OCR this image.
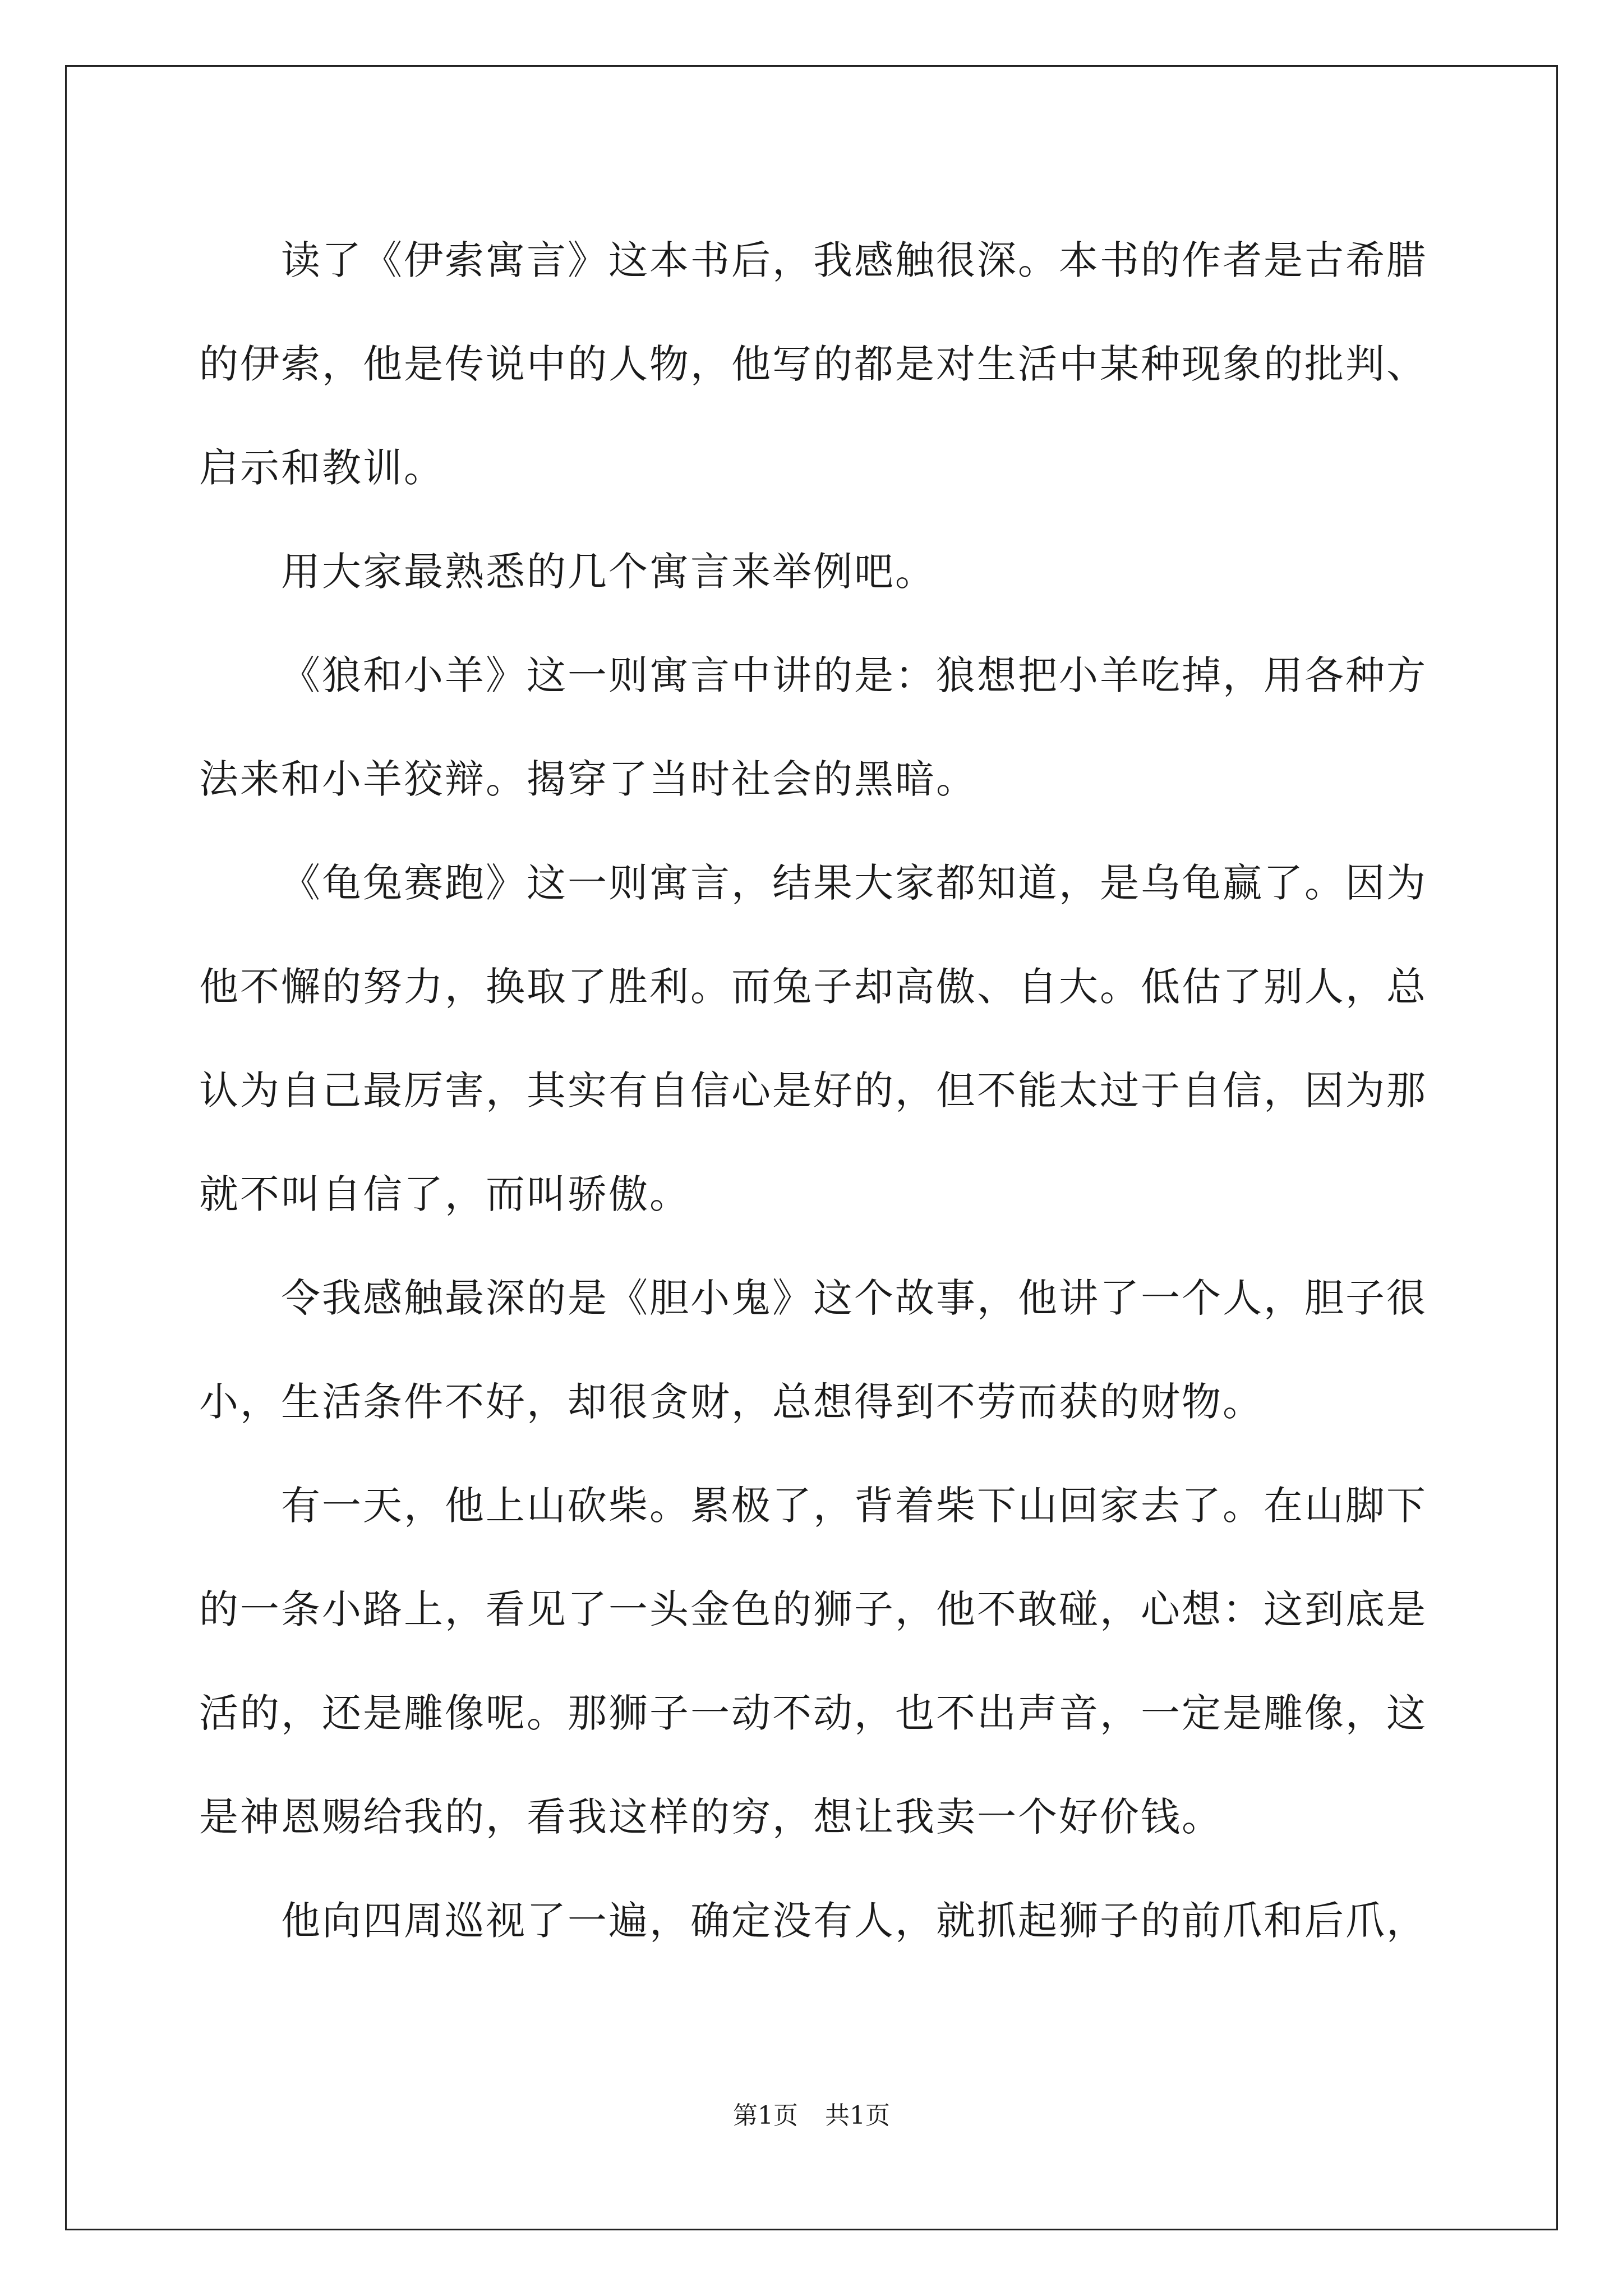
读了《伊索寓言》这本书后，我感触很深。本书的作者是古希腊的伊索，他是传说中的人物，他写的都是对生活中某种现象的批判、启示和教训。

用大家最熟悉的几个寓言来举例吧。

《狼和小羊》这一则寓言中讲的是：狼想把小羊吃掉，用各种方法来和小羊狡辩。揭穿了当时社会的黑暗。

《龟兔赛跑》这一则寓言，结果大家都知道，是乌龟赢了。因为他不懈的努力，换取了胜利。而兔子却高傲、自大。低估了别人，总认为自己最厉害，其实有自信心是好的，但不能太过于自信，因为那就不叫自信了，而叫骄傲。

令我感触最深的是《胆小鬼》这个故事，他讲了一个人，胆子很小，生活条件不好，却很贪财，总想得到不劳而获的财物。

有一天，他上山砍柴。累极了，背着柴下山回家去了。在山脚下的一条小路上，看见了一头金色的狮子，他不敢碰，心想：这到底是活的，还是雕像呢。那狮子一动不动，也不出声音，一定是雕像，这是神恩赐给我的，看我这样的穷，想让我卖一个好价钱。

他向四周巡视了一遍，确定没有人，就抓起狮子的前爪和后爪，

第1页 共1页
